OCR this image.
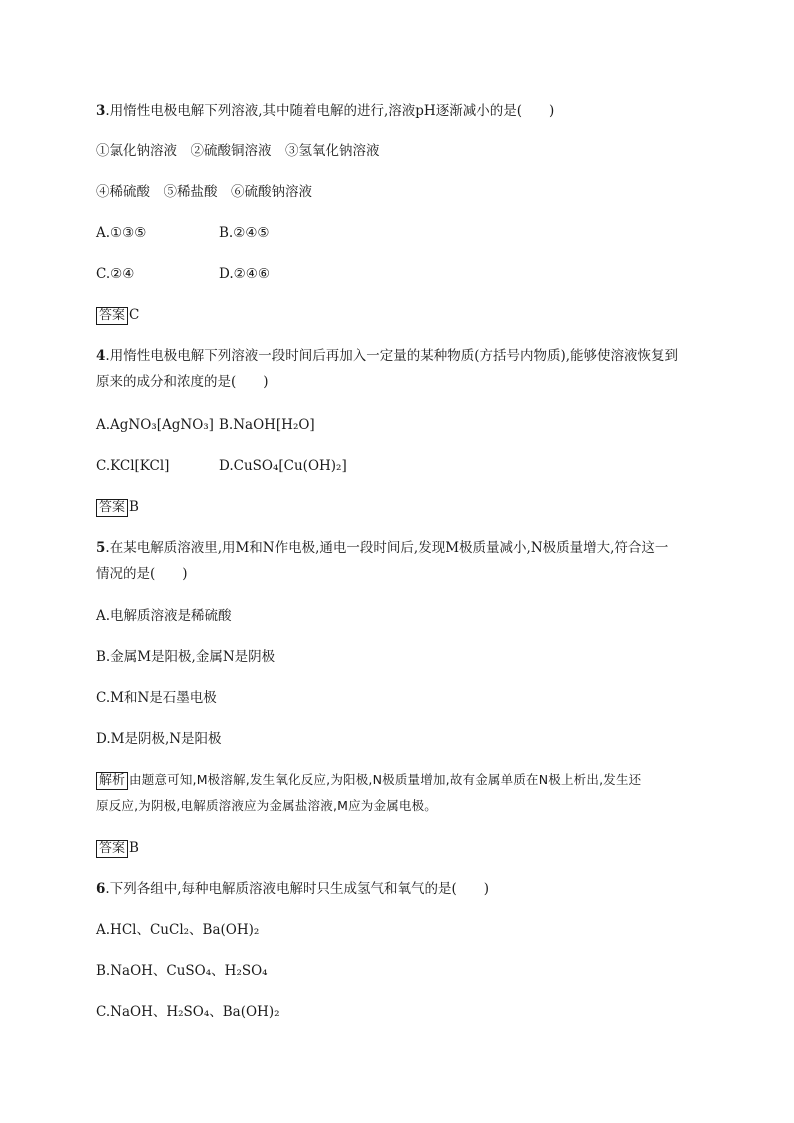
3.用惰性电极电解下列溶液,其中随着电解的进行,溶液pH逐渐减小的是(　　)
①氯化钠溶液　②硫酸铜溶液　③氢氧化钠溶液
④稀硫酸　⑤稀盐酸　⑥硫酸钠溶液
A.①③⑤	B.②④⑤
C.②④	D.②④⑥
答案 C
4.用惰性电极电解下列溶液一段时间后再加入一定量的某种物质(方括号内物质),能够使溶液恢复到
原来的成分和浓度的是(　　)
A.AgNO₃[AgNO₃] B.NaOH[H₂O]
C.KCl[KCl]	D.CuSO₄[Cu(OH)₂]
答案 B
5.在某电解质溶液里,用M和N作电极,通电一段时间后,发现M极质量减小,N极质量增大,符合这一
情况的是(　　)
A.电解质溶液是稀硫酸
B.金属M是阳极,金属N是阴极
C.M和N是石墨电极
D.M是阴极,N是阳极
解析 由题意可知,M极溶解,发生氧化反应,为阳极,N极质量增加,故有金属单质在N极上析出,发生还
原反应,为阴极,电解质溶液应为金属盐溶液,M应为金属电极。
答案 B
6.下列各组中,每种电解质溶液电解时只生成氢气和氧气的是(　　)
A.HCl、CuCl₂、Ba(OH)₂
B.NaOH、CuSO₄、H₂SO₄
C.NaOH、H₂SO₄、Ba(OH)₂
